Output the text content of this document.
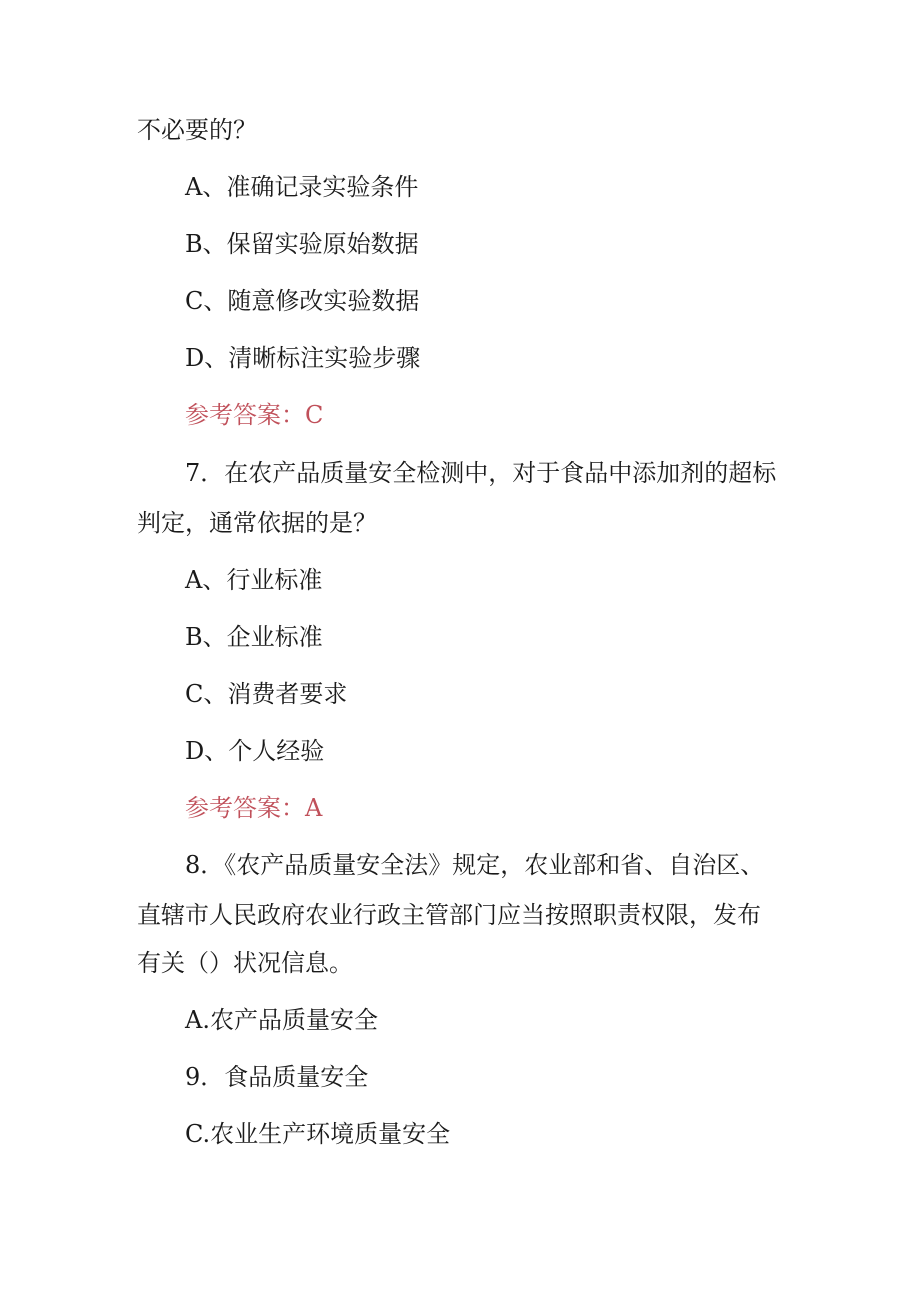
不必要的？
A、准确记录实验条件
B、保留实验原始数据
C、随意修改实验数据
D、清晰标注实验步骤
参考答案：C
7．在农产品质量安全检测中，对于食品中添加剂的超标
判定，通常依据的是？
A、行业标准
B、企业标准
C、消费者要求
D、个人经验
参考答案：A
8．《农产品质量安全法》规定，农业部和省、自治区、
直辖市人民政府农业行政主管部门应当按照职责权限，发布
有关（）状况信息。
A.农产品质量安全
9．食品质量安全
C.农业生产环境质量安全
